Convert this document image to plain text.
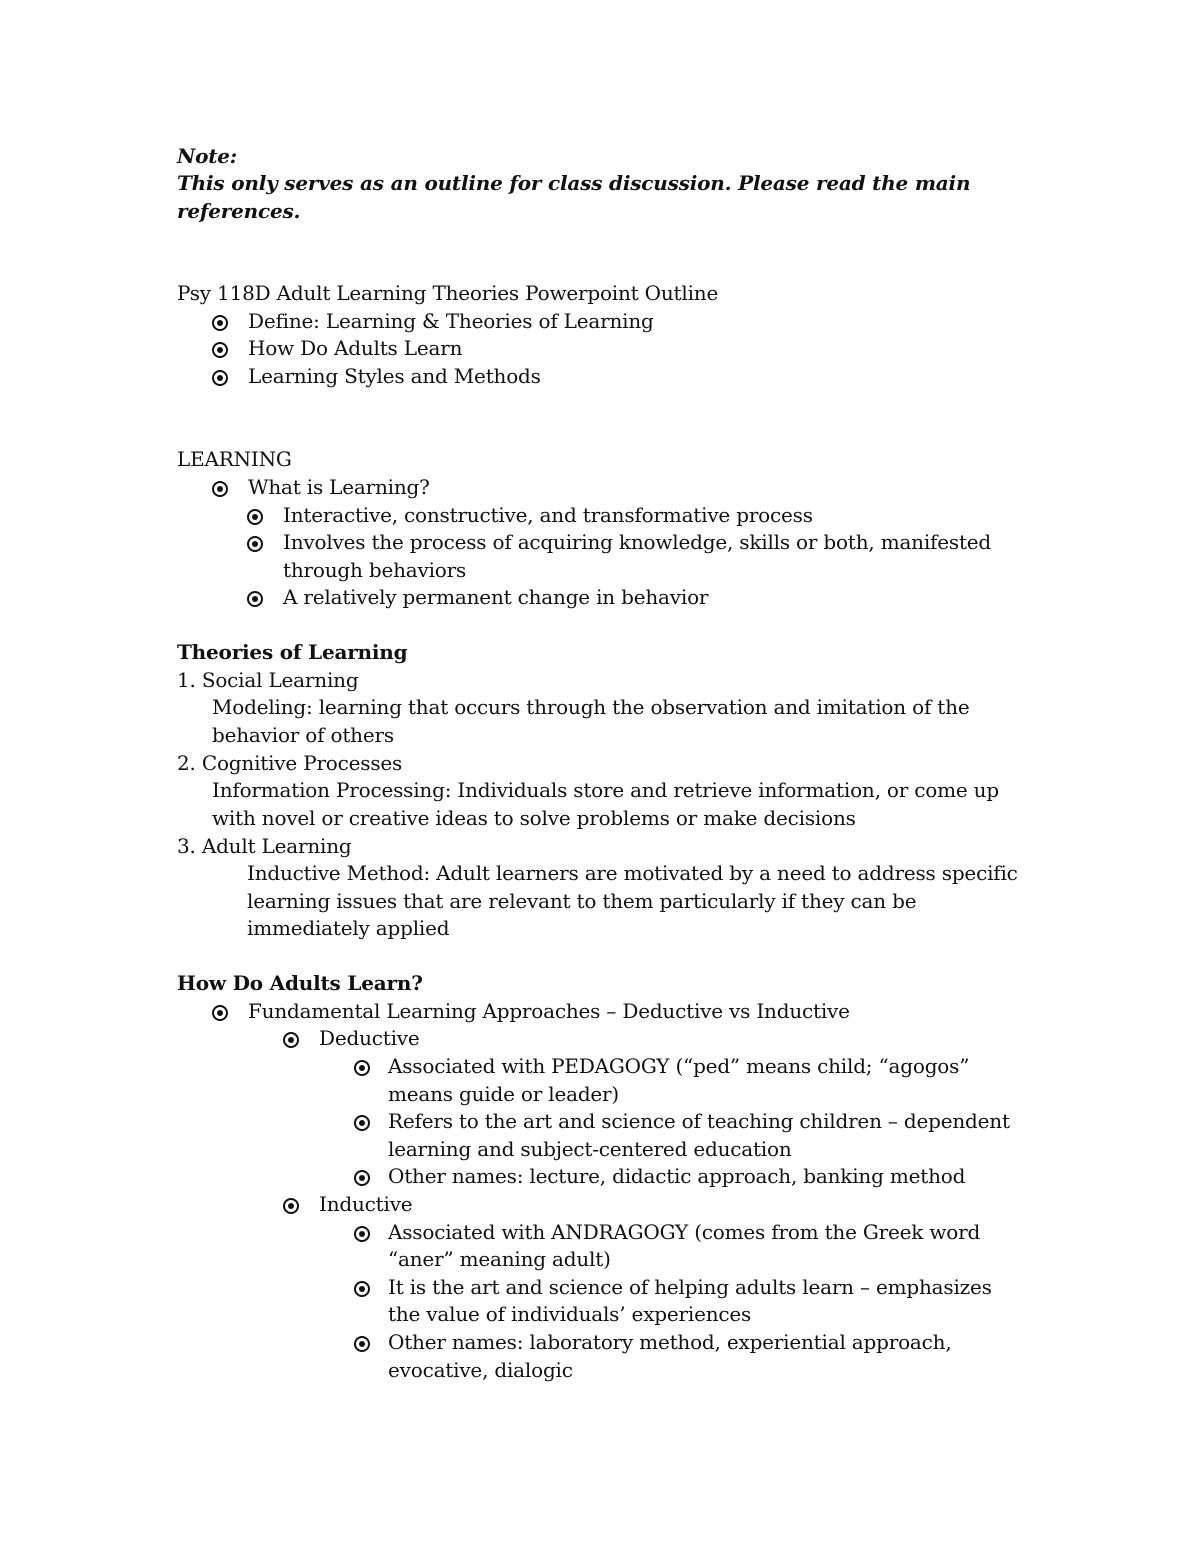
Note:
This only serves as an outline for class discussion. Please read the main
references.
Psy 118D Adult Learning Theories Powerpoint Outline
Define: Learning & Theories of Learning
How Do Adults Learn
Learning Styles and Methods
LEARNING
What is Learning?
Interactive, constructive, and transformative process
Involves the process of acquiring knowledge, skills or both, manifested
through behaviors
A relatively permanent change in behavior
Theories of Learning
1. Social Learning
Modeling: learning that occurs through the observation and imitation of the
behavior of others
2. Cognitive Processes
Information Processing: Individuals store and retrieve information, or come up
with novel or creative ideas to solve problems or make decisions
3. Adult Learning
Inductive Method: Adult learners are motivated by a need to address specific
learning issues that are relevant to them particularly if they can be
immediately applied
How Do Adults Learn?
Fundamental Learning Approaches – Deductive vs Inductive
Deductive
Associated with PEDAGOGY (“ped” means child; “agogos”
means guide or leader)
Refers to the art and science of teaching children – dependent
learning and subject-centered education
Other names: lecture, didactic approach, banking method
Inductive
Associated with ANDRAGOGY (comes from the Greek word
“aner” meaning adult)
It is the art and science of helping adults learn – emphasizes
the value of individuals’ experiences
Other names: laboratory method, experiential approach,
evocative, dialogic
